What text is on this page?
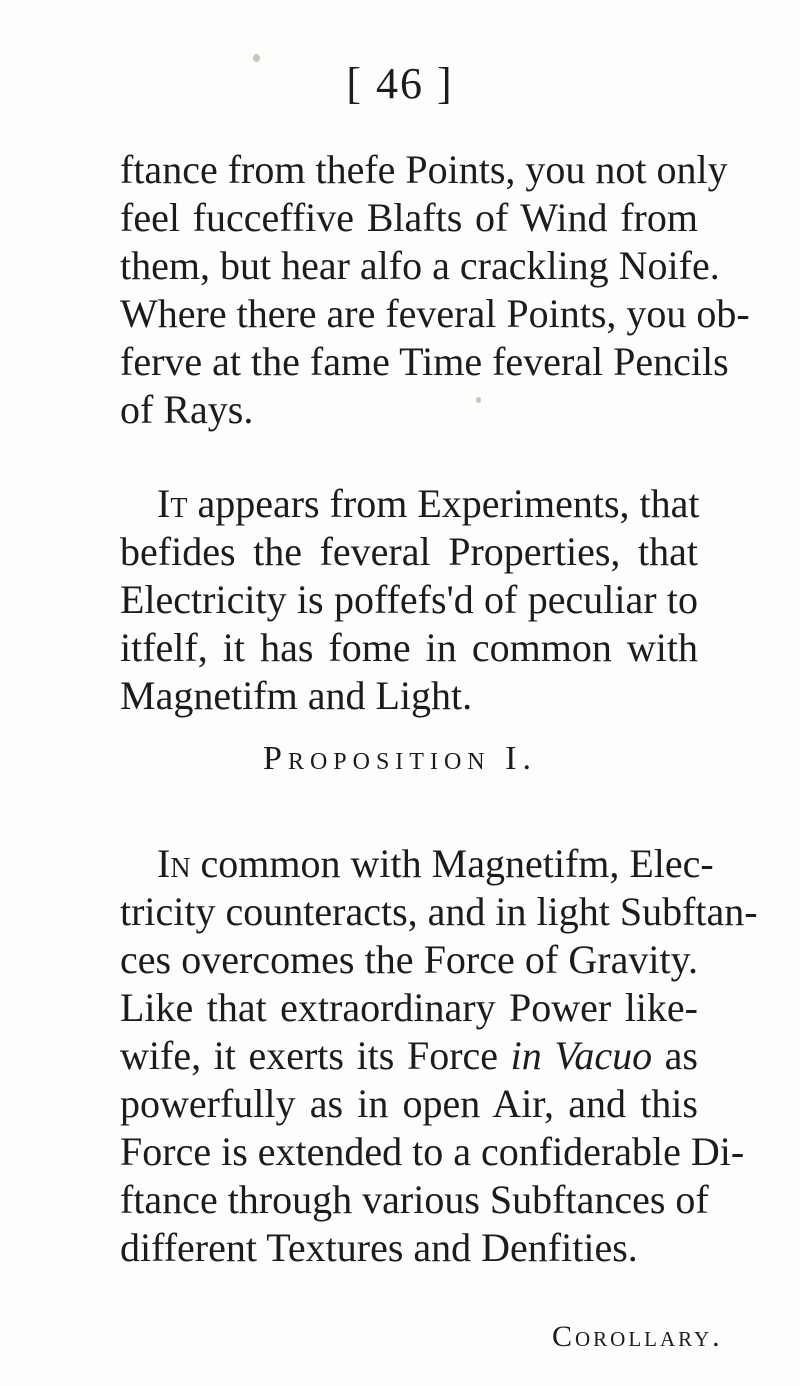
[ 46 ]
ftance from thefe Points, you not only
feel fucceffive Blafts of Wind from
them, but hear alfo a crackling Noife.
Where there are feveral Points, you ob-
ferve at the fame Time feveral Pencils
of Rays.
It appears from Experiments, that
befides the feveral Properties, that
Electricity is poffefs'd of peculiar to
itfelf, it has fome in common with
Magnetifm and Light.
Proposition I.
In common with Magnetifm, Elec-
tricity counteracts, and in light Subftan-
ces overcomes the Force of Gravity.
Like that extraordinary Power like-
wife, it exerts its Force in Vacuo as
powerfully as in open Air, and this
Force is extended to a confiderable Di-
ftance through various Subftances of
different Textures and Denfities.
Corollary.
